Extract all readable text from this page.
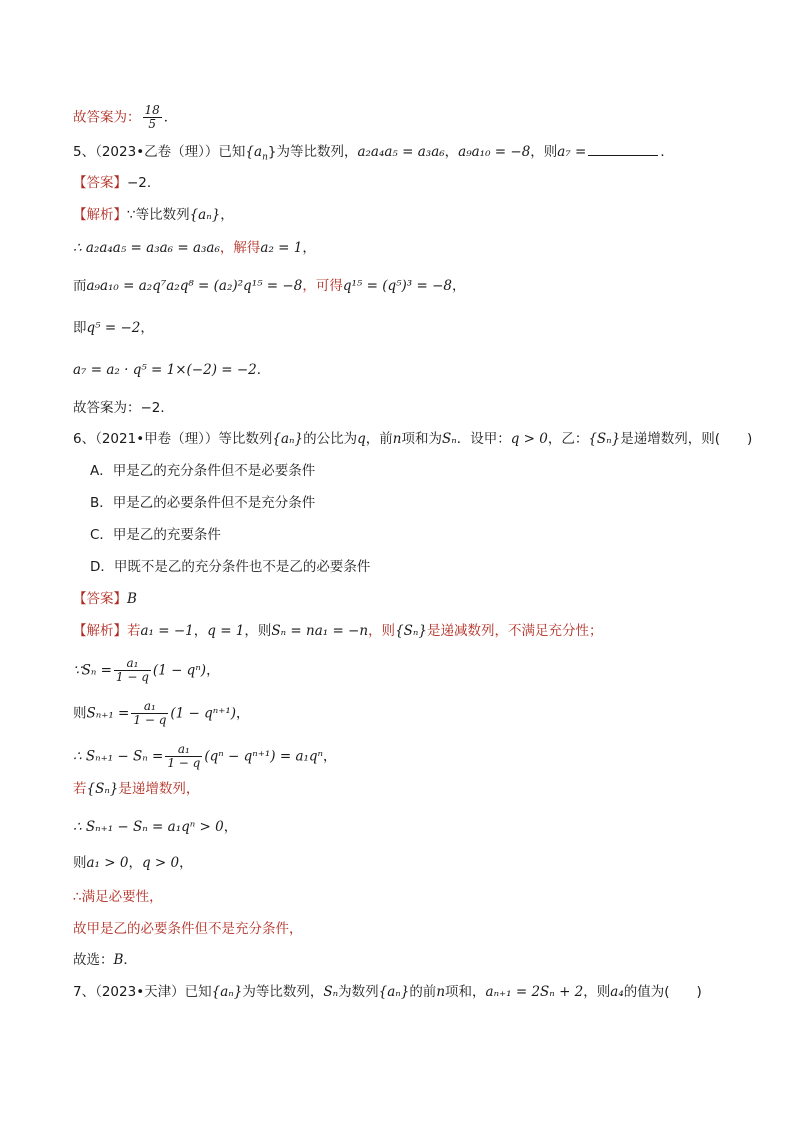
故答案为： $\frac{18}{5}$ ．
5、（2023•乙卷（理））已知$\{a_n\}$为等比数列，a₂a₄a₅ = a₃a₆，a₉a₁₀ = −8，则a₇ =	．
【答案】−2．
【解析】∵等比数列{aₙ}，
∴ a₂a₄a₅ = a₃a₆ = a₃a₆，解得a₂ = 1，
而a₉a₁₀ = a₂q⁷a₂q⁸ = (a₂)²q¹⁵ = −8，可得q¹⁵ = (q⁵)³ = −8，
即q⁵ = −2，
a₇ = a₂ · q⁵ = 1×(−2) = −2．
故答案为：−2．
6、（2021•甲卷（理））等比数列{aₙ}的公比为q，前n项和为Sₙ．设甲：q > 0，乙：{Sₙ}是递增数列，则(　　)
A．甲是乙的充分条件但不是必要条件
B．甲是乙的必要条件但不是充分条件
C．甲是乙的充要条件
D．甲既不是乙的充分条件也不是乙的必要条件
【答案】B
【解析】若a₁ = −1，q = 1，则Sₙ = na₁ = −n，则{Sₙ}是递减数列，不满足充分性；
∵Sₙ = $\frac{\text{a₁}}{1 - q} (1 - q^n)$，
则$S_{n+1} = \frac{\text{a₁}}{1 - q} (1 - q^{n+1})$，
∴ $S_{n+1} - S_n = \frac{\text{a₁}}{1 - q} (q^n - q^{n+1}) = a_1q^n$，
若{Sₙ}是递增数列，
∴ Sₙ₊₁ − Sₙ = a₁qⁿ > 0，
则a₁ > 0，q > 0，
∴满足必要性，
故甲是乙的必要条件但不是充分条件，
故选：B．
7、（2023•天津）已知{aₙ}为等比数列，Sₙ为数列{aₙ}的前n项和，aₙ₊₁ = 2Sₙ + 2，则a₄的值为(　　)
